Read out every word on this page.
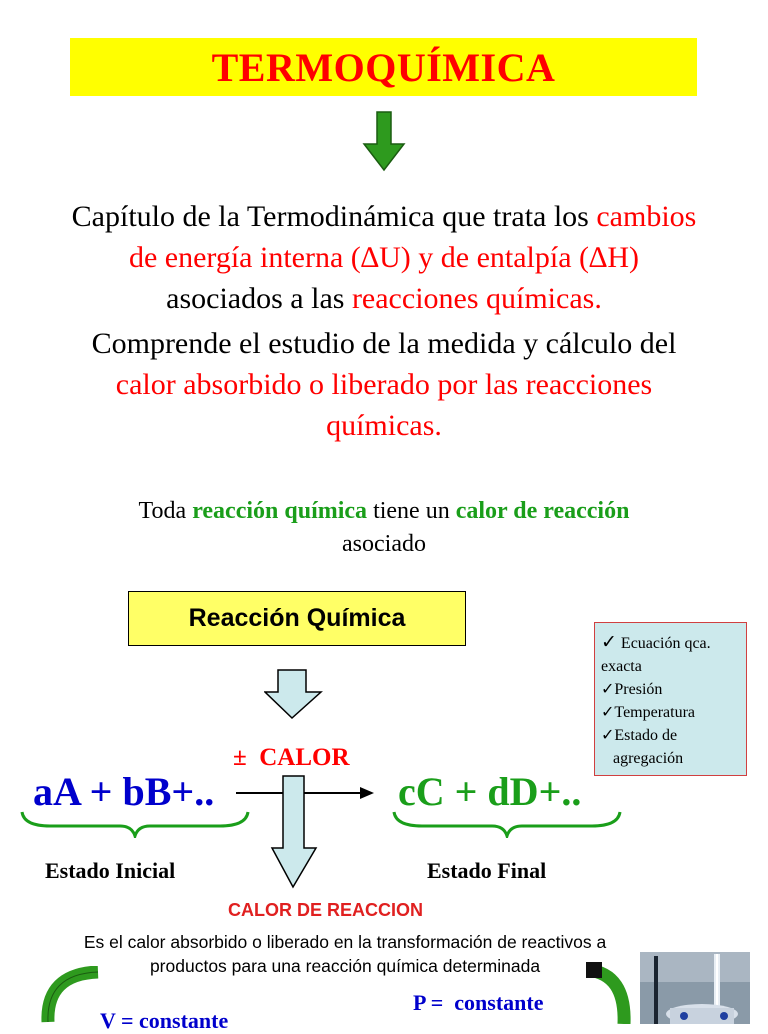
TERMOQUÍMICA
Capítulo de la Termodinámica que trata los cambios
de energía interna (∆U) y de entalpía (∆H)
asociados a las reacciones químicas.
Comprende el estudio de la medida y cálculo del
calor absorbido o liberado por las reacciones
químicas.
Toda reacción química tiene un calor de reacción
asociado
Reacción Química
✓ Ecuación qca.
exacta
✓Presión
✓Temperatura
✓Estado de
agregación
±  CALOR
aA + bB+..	cC + dD+..
Estado Inicial	Estado Final
CALOR DE REACCION
Es el calor absorbido o liberado en la transformación de reactivos a
productos para una reacción química determinada
V = constante
P =  constante
